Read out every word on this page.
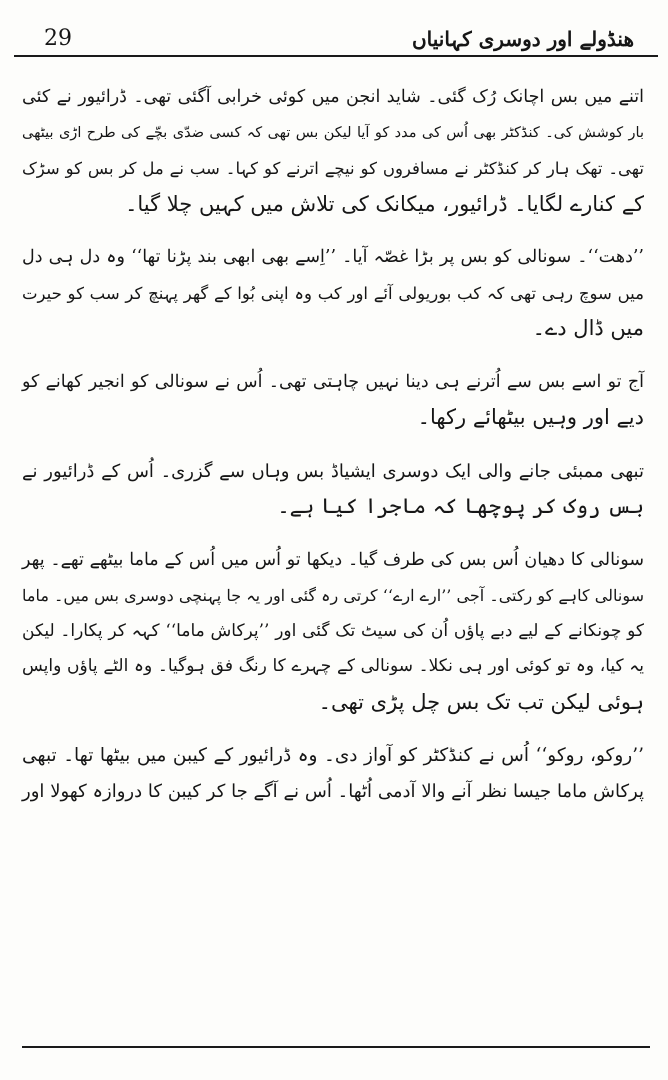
29	ھنڈولے اور دوسری کہانیاں

اتنے میں بس اچانک رُک گئی۔ شاید انجن میں کوئی خرابی آگئی تھی۔ ڈرائیور نے کئی
بار کوشش کی۔ کنڈکٹر بھی اُس کی مدد کو آیا لیکن بس تھی کہ کسی ضدّی بچّے کی طرح اڑی بیٹھی
تھی۔ تھک ہار کر کنڈکٹر نے مسافروں کو نیچے اترنے کو کہا۔ سب نے مل کر بس کو سڑک
کے کنارے لگایا۔ ڈرائیور، میکانک کی تلاش میں کہیں چلا گیا۔

’’دھت‘‘۔ سونالی کو بس پر بڑا غصّہ آیا۔ ’’اِسے بھی ابھی بند پڑنا تھا‘‘ وہ دل ہی دل
میں سوچ رہی تھی کہ کب بوریولی آئے اور کب وہ اپنی بُوا کے گھر پہنچ کر سب کو حیرت
میں ڈال دے۔

آج تو اسے بس سے اُترنے ہی دینا نہیں چاہتی تھی۔ اُس نے سونالی کو انجیر کھانے کو
دیے اور وہیں بیٹھائے رکھا۔

تبھی ممبئی جانے والی ایک دوسری ایشیاڈ بس وہاں سے گزری۔ اُس کے ڈرائیور نے
بس روک کر پوچھا کہ ماجرا کیا ہے۔

سونالی کا دھیان اُس بس کی طرف گیا۔ دیکھا تو اُس میں اُس کے ماما بیٹھے تھے۔ پھر
سونالی کاہے کو رکتی۔ آجی ’’ارے ارے‘‘ کرتی رہ گئی اور یہ جا پہنچی دوسری بس میں۔ ماما
کو چونکانے کے لیے دبے پاؤں اُن کی سیٹ تک گئی اور ’’پرکاش ماما‘‘ کہہ کر پکارا۔ لیکن
یہ کیا، وہ تو کوئی اور ہی نکلا۔ سونالی کے چہرے کا رنگ فق ہوگیا۔ وہ الٹے پاؤں واپس
ہوئی لیکن تب تک بس چل پڑی تھی۔

’’روکو، روکو‘‘ اُس نے کنڈکٹر کو آواز دی۔ وہ ڈرائیور کے کیبن میں بیٹھا تھا۔ تبھی
پرکاش ماما جیسا نظر آنے والا آدمی اُٹھا۔ اُس نے آگے جا کر کیبن کا دروازہ کھولا اور
